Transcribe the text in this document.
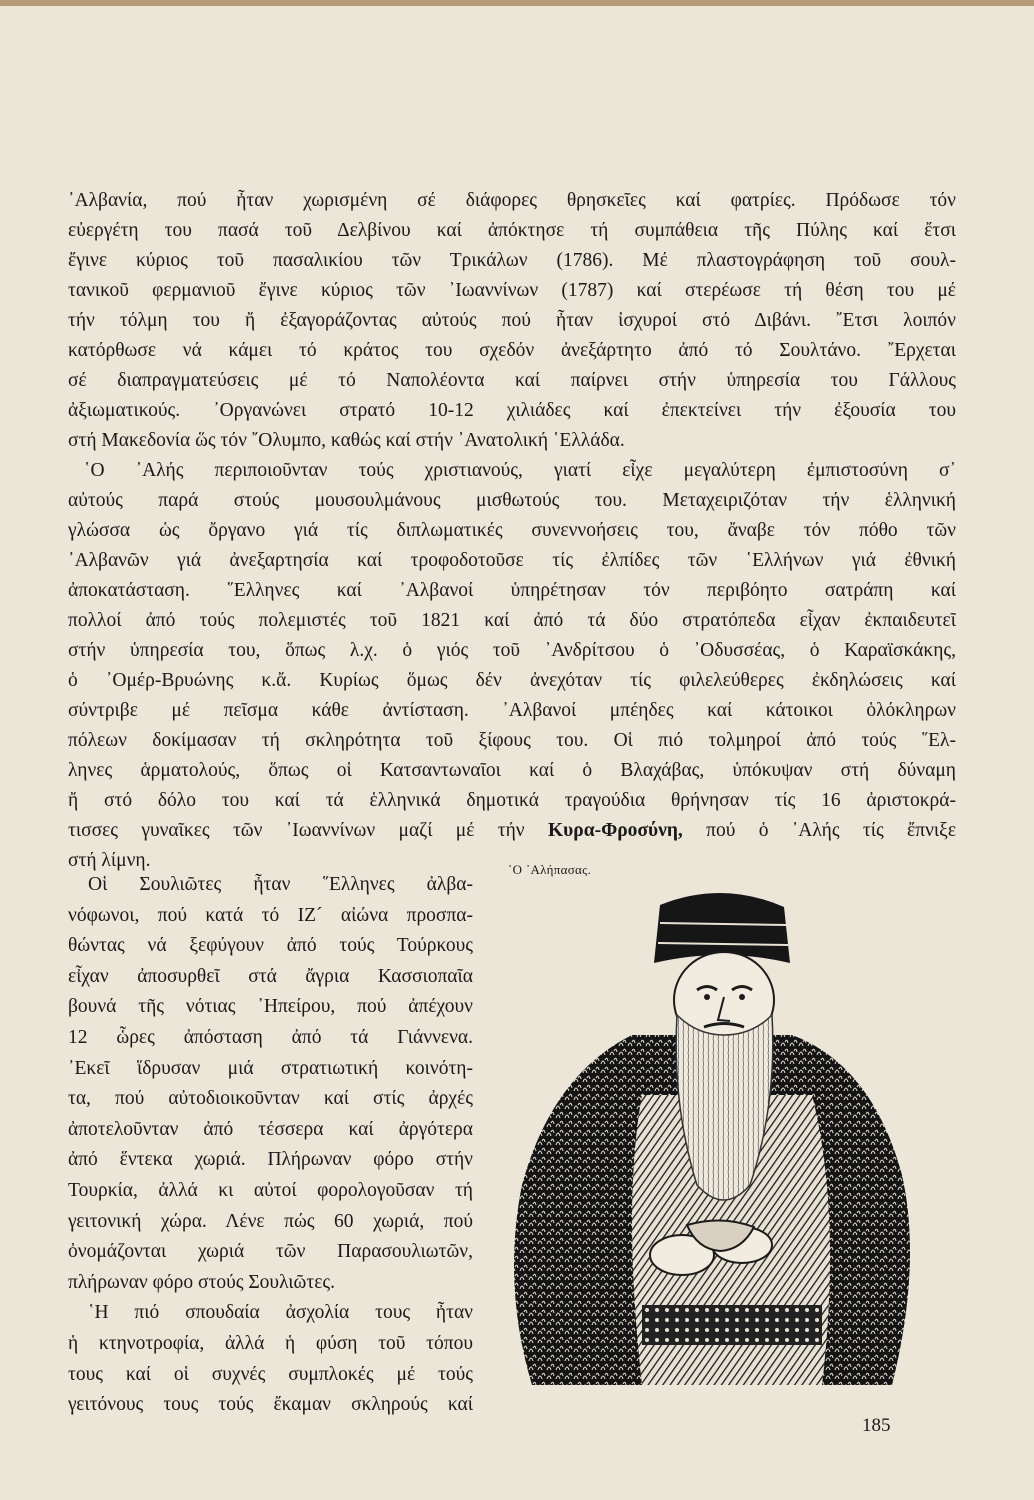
᾿Αλβανία, πού ἦταν χωρισμένη σέ διάφορες θρησκεῖες καί φατρίες. Πρόδωσε τόν
εὐεργέτη του πασά τοῦ Δελβίνου καί ἀπόκτησε τή συμπάθεια τῆς Πύλης καί ἔτσι
ἔγινε κύριος τοῦ πασαλικίου τῶν Τρικάλων (1786). Μέ πλαστογράφηση τοῦ σουλ-
τανικοῦ φερμανιοῦ ἔγινε κύριος τῶν ᾿Ιωαννίνων (1787) καί στερέωσε τή θέση του μέ
τήν τόλμη του ἤ ἐξαγοράζοντας αὐτούς πού ἦταν ἰσχυροί στό Διβάνι. ῎Ετσι λοιπόν
κατόρθωσε νά κάμει τό κράτος του σχεδόν ἀνεξάρτητο ἀπό τό Σουλτάνο. ῎Ερχεται
σέ διαπραγματεύσεις μέ τό Ναπολέοντα καί παίρνει στήν ὑπηρεσία του Γάλλους
ἀξιωματικούς. ᾿Οργανώνει στρατό 10-12 χιλιάδες καί ἐπεκτείνει τήν ἐξουσία του
στή Μακεδονία ὥς τόν ῎Ολυμπο, καθώς καί στήν ᾿Ανατολική ῾Ελλάδα.
῾Ο ᾿Αλής περιποιοῦνταν τούς χριστιανούς, γιατί εἶχε μεγαλύτερη ἐμπιστοσύνη σ᾿
αὐτούς παρά στούς μουσουλμάνους μισθωτούς του. Μεταχειριζόταν τήν ἑλληνική
γλώσσα ὡς ὄργανο γιά τίς διπλωματικές συνεννοήσεις του, ἄναβε τόν πόθο τῶν
᾿Αλβανῶν γιά ἀνεξαρτησία καί τροφοδοτοῦσε τίς ἐλπίδες τῶν ῾Ελλήνων γιά ἐθνική
ἀποκατάσταση. ῞Ελληνες καί ᾿Αλβανοί ὑπηρέτησαν τόν περιβόητο σατράπη καί
πολλοί ἀπό τούς πολεμιστές τοῦ 1821 καί ἀπό τά δύο στρατόπεδα εἶχαν ἐκπαιδευτεῖ
στήν ὑπηρεσία του, ὅπως λ.χ. ὁ γιός τοῦ ᾿Ανδρίτσου ὁ ᾿Οδυσσέας, ὁ Καραϊσκάκης,
ὁ ᾿Ομέρ-Βρυώνης κ.ἄ. Κυρίως ὅμως δέν ἀνεχόταν τίς φιλελεύθερες ἐκδηλώσεις καί
σύντριβε μέ πεῖσμα κάθε ἀντίσταση. ᾿Αλβανοί μπέηδες καί κάτοικοι ὁλόκληρων
πόλεων δοκίμασαν τή σκληρότητα τοῦ ξίφους του. Οἱ πιό τολμηροί ἀπό τούς ῞Ελ-
ληνες ἁρματολούς, ὅπως οἱ Κατσαντωναῖοι καί ὁ Βλαχάβας, ὑπόκυψαν στή δύναμη
ἤ στό δόλο του καί τά ἑλληνικά δημοτικά τραγούδια θρήνησαν τίς 16 ἀριστοκρά-
τισσες γυναῖκες τῶν ᾿Ιωαννίνων μαζί μέ τήν Κυρα-Φροσύνη, πού ὁ ᾿Αλής τίς ἔπνιξε
στή λίμνη.
Οἱ Σουλιῶτες ἦταν ῞Ελληνες ἀλβα-
νόφωνοι, πού κατά τό ΙΖ´ αἰώνα προσπα-
θώντας νά ξεφύγουν ἀπό τούς Τούρκους
εἶχαν ἀποσυρθεῖ στά ἄγρια Κασσιοπαῖα
βουνά τῆς νότιας ᾿Ηπείρου, πού ἀπέχουν
12 ὧρες ἀπόσταση ἀπό τά Γιάννενα.
᾿Εκεῖ ἵδρυσαν μιά στρατιωτική κοινότη-
τα, πού αὐτοδιοικοῦνταν καί στίς ἀρχές
ἀποτελοῦνταν ἀπό τέσσερα καί ἀργότερα
ἀπό ἕντεκα χωριά. Πλήρωναν φόρο στήν
Τουρκία, ἀλλά κι αὐτοί φορολογοῦσαν τή
γειτονική χώρα. Λένε πώς 60 χωριά, πού
ὀνομάζονται χωριά τῶν Παρασουλιωτῶν,
πλήρωναν φόρο στούς Σουλιῶτες.
῾Η πιό σπουδαία ἀσχολία τους ἦταν
ἡ κτηνοτροφία, ἀλλά ἡ φύση τοῦ τόπου
τους καί οἱ συχνές συμπλοκές μέ τούς
γειτόνους τους τούς ἔκαμαν σκληρούς καί
῾Ο ᾿Αλήπασας.
185
